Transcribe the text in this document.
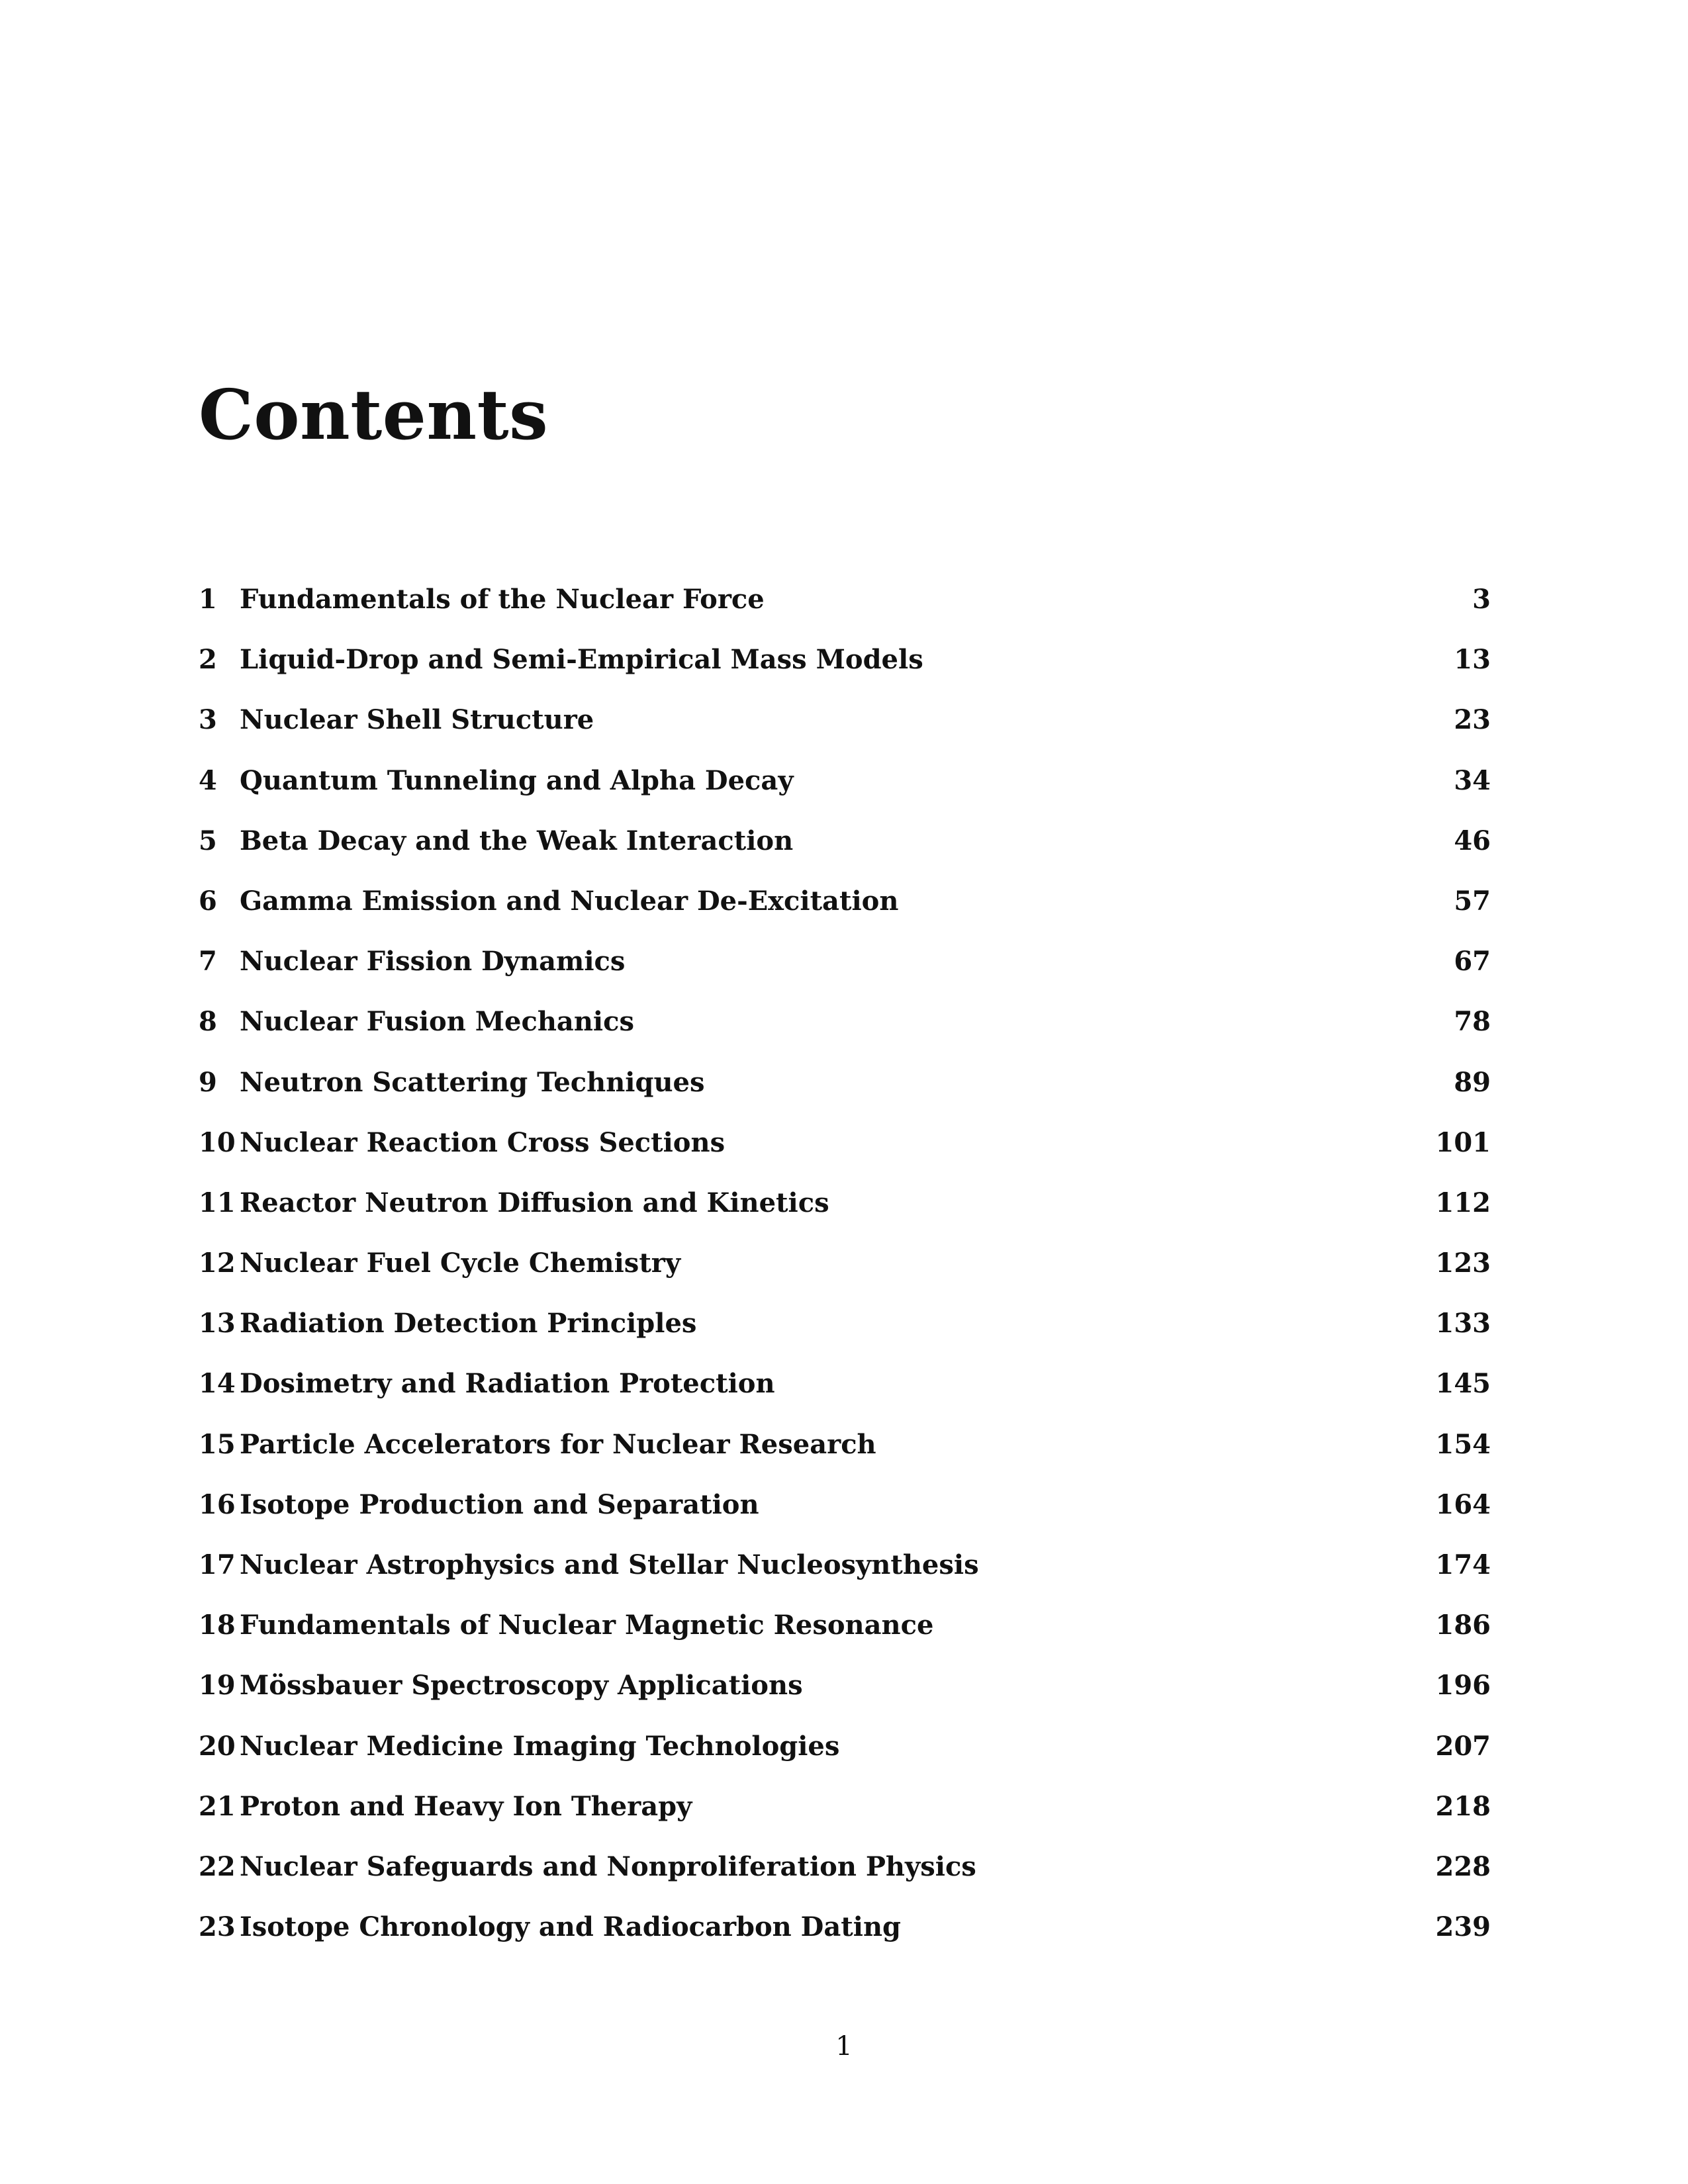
Contents
1 Fundamentals of the Nuclear Force	3
2 Liquid-Drop and Semi-Empirical Mass Models	13
3 Nuclear Shell Structure	23
4 Quantum Tunneling and Alpha Decay	34
5 Beta Decay and the Weak Interaction	46
6 Gamma Emission and Nuclear De-Excitation	57
7 Nuclear Fission Dynamics	67
8 Nuclear Fusion Mechanics	78
9 Neutron Scattering Techniques	89
10 Nuclear Reaction Cross Sections	101
11 Reactor Neutron Diffusion and Kinetics	112
12 Nuclear Fuel Cycle Chemistry	123
13 Radiation Detection Principles	133
14 Dosimetry and Radiation Protection	145
15 Particle Accelerators for Nuclear Research	154
16 Isotope Production and Separation	164
17 Nuclear Astrophysics and Stellar Nucleosynthesis	174
18 Fundamentals of Nuclear Magnetic Resonance	186
19 Mössbauer Spectroscopy Applications	196
20 Nuclear Medicine Imaging Technologies	207
21 Proton and Heavy Ion Therapy	218
22 Nuclear Safeguards and Nonproliferation Physics	228
23 Isotope Chronology and Radiocarbon Dating	239
1
